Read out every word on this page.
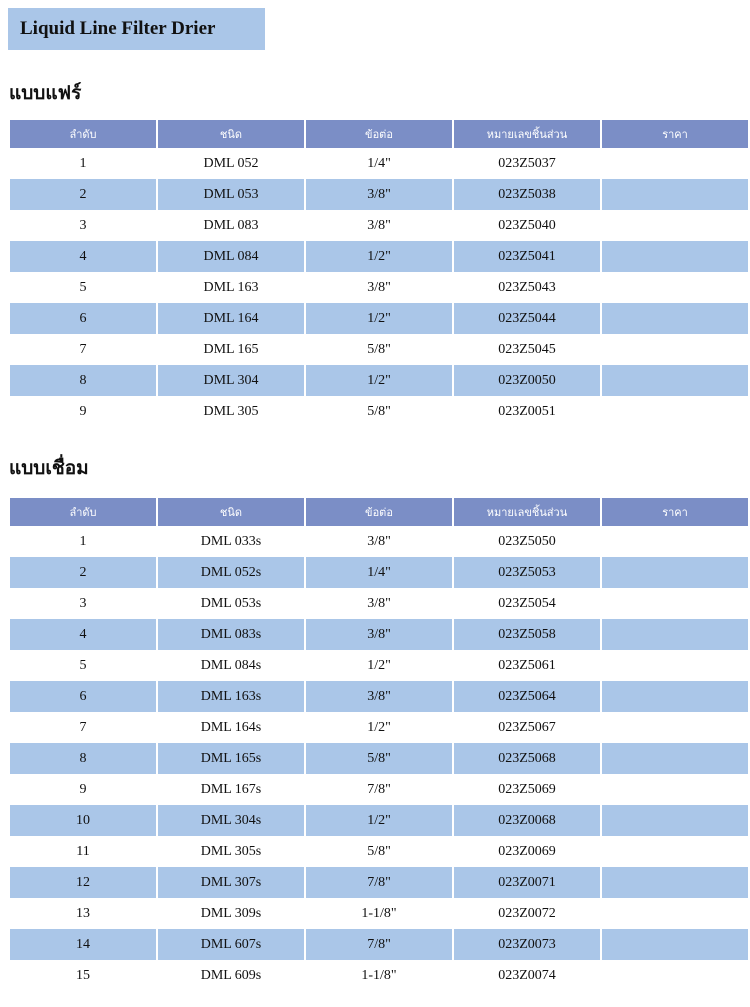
Liquid Line Filter Drier
แบบแฟร์
ลำดับ	ชนิด	ข้อต่อ	หมายเลขชิ้นส่วน	ราคา
1	DML 052	1/4"	023Z5037	
2	DML 053	3/8"	023Z5038	
3	DML 083	3/8"	023Z5040	
4	DML 084	1/2"	023Z5041	
5	DML 163	3/8"	023Z5043	
6	DML 164	1/2"	023Z5044	
7	DML 165	5/8"	023Z5045	
8	DML 304	1/2"	023Z0050	
9	DML 305	5/8"	023Z0051	
แบบเชื่อม
ลำดับ	ชนิด	ข้อต่อ	หมายเลขชิ้นส่วน	ราคา
1	DML 033s	3/8"	023Z5050	
2	DML 052s	1/4"	023Z5053	
3	DML 053s	3/8"	023Z5054	
4	DML 083s	3/8"	023Z5058	
5	DML 084s	1/2"	023Z5061	
6	DML 163s	3/8"	023Z5064	
7	DML 164s	1/2"	023Z5067	
8	DML 165s	5/8"	023Z5068	
9	DML 167s	7/8"	023Z5069	
10	DML 304s	1/2"	023Z0068	
11	DML 305s	5/8"	023Z0069	
12	DML 307s	7/8"	023Z0071	
13	DML 309s	1-1/8"	023Z0072	
14	DML 607s	7/8"	023Z0073	
15	DML 609s	1-1/8"	023Z0074	
